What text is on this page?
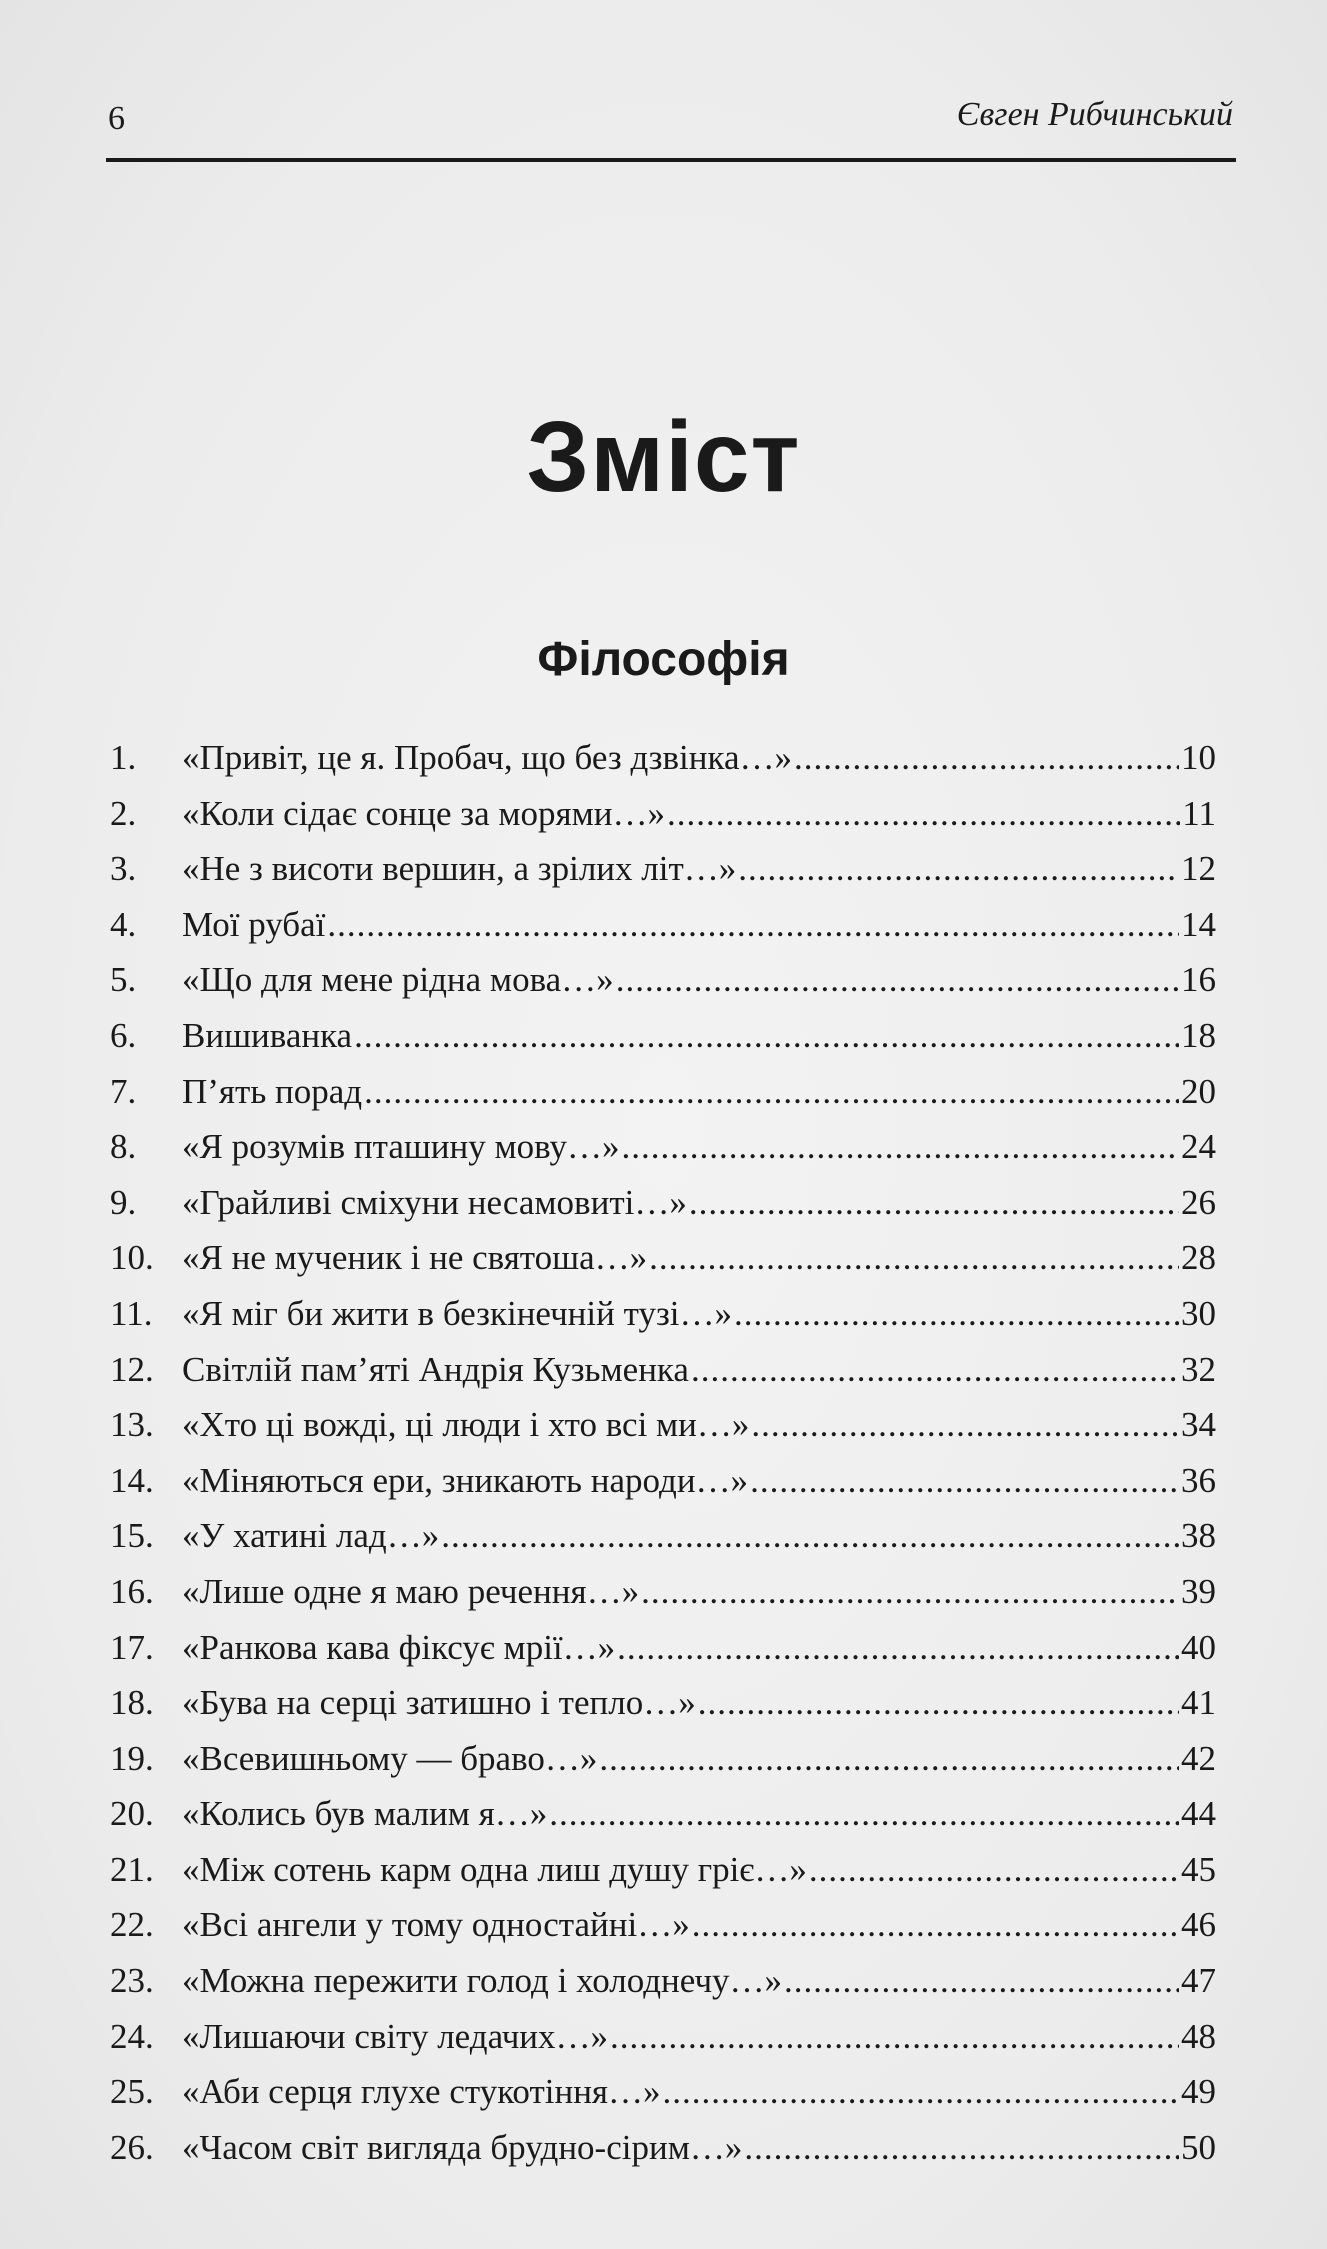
6	Євген Рибчинський
Зміст
Філософія
1.	«Привіт, це я. Пробач, що без дзвінка…» .....	10
2.	«Коли сідає сонце за морями…» .....	11
3.	«Не з висоти вершин, а зрілих літ…» .....	12
4.	Мої рубаї .....	14
5.	«Що для мене рідна мова…» .....	16
6.	Вишиванка .....	18
7.	П’ять порад .....	20
8.	«Я розумів пташину мову…» .....	24
9.	«Грайливі сміхуни несамовиті…» .....	26
10. «Я не мученик і не святоша…» .....	28
11. «Я міг би жити в безкінечній тузі…» .....	30
12. Світлій пам’яті Андрія Кузьменка .....	32
13. «Хто ці вожді, ці люди і хто всі ми…» .....	34
14. «Міняються ери, зникають народи…» .....	36
15. «У хатині лад…» .....	38
16. «Лише одне я маю речення…» .....	39
17. «Ранкова кава фіксує мрії…» .....	40
18. «Бува на серці затишно і тепло…» .....	41
19. «Всевишньому — браво…» .....	42
20. «Колись був малим я…» .....	44
21. «Між сотень карм одна лиш душу гріє…» .....	45
22. «Всі ангели у тому одностайні…» .....	46
23. «Можна пережити голод і холоднечу…» .....	47
24. «Лишаючи світу ледачих…» .....	48
25. «Аби серця глухе стукотіння…» .....	49
26. «Часом світ вигляда брудно-сірим…» .....	50
